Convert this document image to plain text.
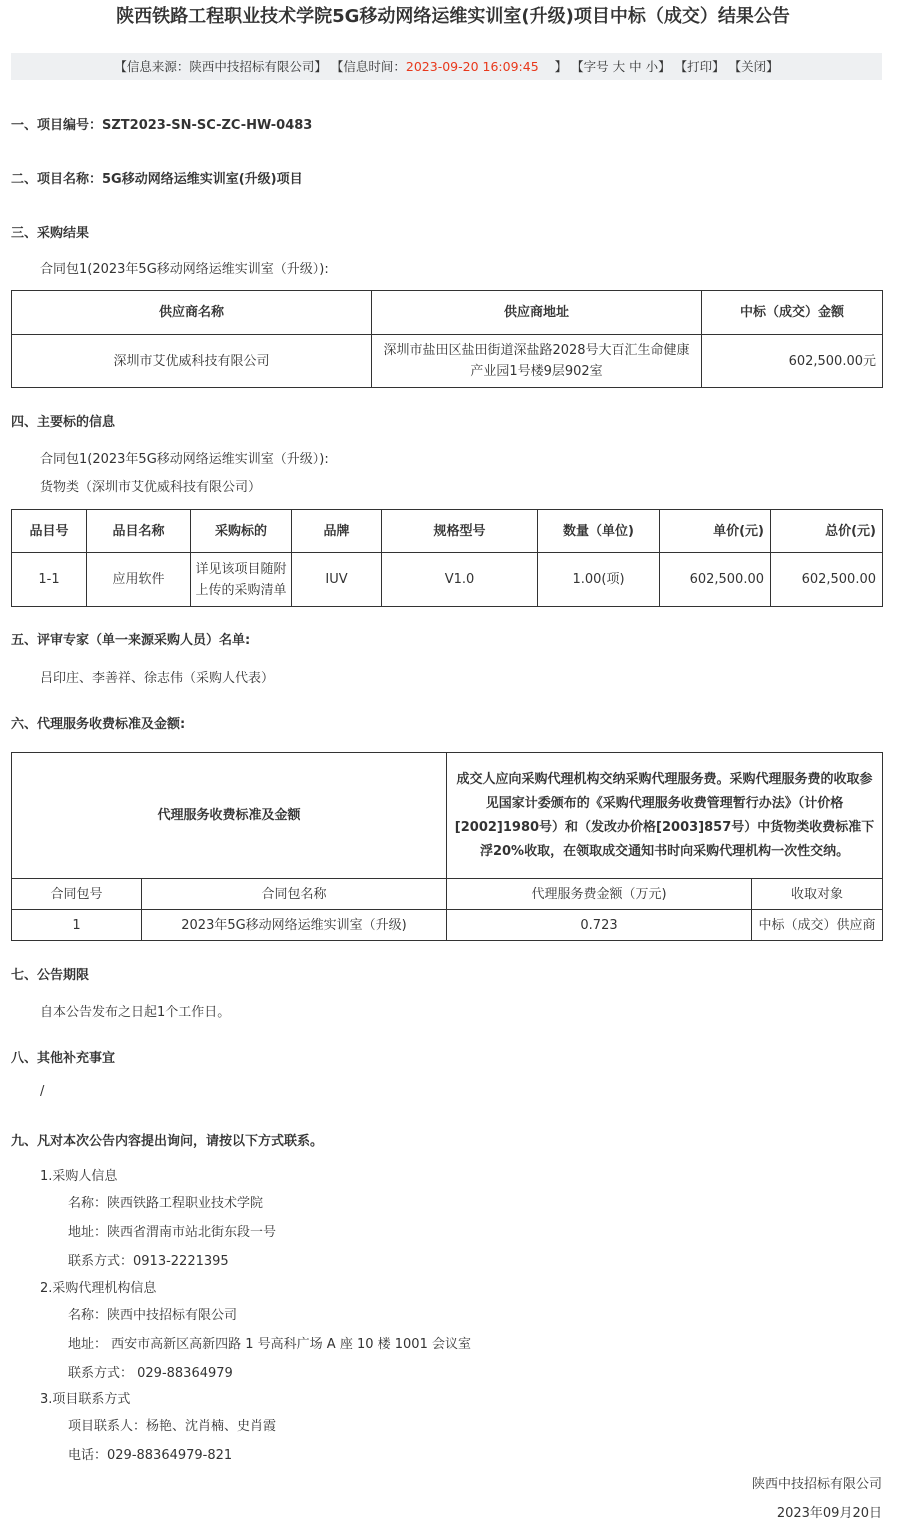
陕西铁路工程职业技术学院5G移动网络运维实训室(升级)项目中标（成交）结果公告
【信息来源：陕西中技招标有限公司】 【信息时间：2023-09-20 16:09:45 】 【字号 大 中 小】 【打印】 【关闭】
一、项目编号：SZT2023-SN-SC-ZC-HW-0483
二、项目名称：5G移动网络运维实训室(升级)项目
三、采购结果
合同包1(2023年5G移动网络运维实训室（升级）):
供应商名称	供应商地址	中标（成交）金额
深圳市艾优威科技有限公司	深圳市盐田区盐田街道深盐路2028号大百汇生命健康产业园1号楼9层902室	602,500.00元
四、主要标的信息
合同包1(2023年5G移动网络运维实训室（升级）):
货物类（深圳市艾优威科技有限公司）
品目号	品目名称	采购标的	品牌	规格型号	数量（单位)	单价(元)	总价(元)
1-1	应用软件	详见该项目随附上传的采购清单	IUV	V1.0	1.00(项)	602,500.00	602,500.00
五、评审专家（单一来源采购人员）名单:
吕印庄、李善祥、徐志伟（采购人代表）
六、代理服务收费标准及金额:
代理服务收费标准及金额		成交人应向采购代理机构交纳采购代理服务费。采购代理服务费的收取参见国家计委颁布的《采购代理服务收费管理暂行办法》（计价格[2002]1980号）和（发改办价格[2003]857号）中货物类收费标准下浮20%收取，在领取成交通知书时向采购代理机构一次性交纳。	
合同包号	合同包名称	代理服务费金额（万元)	收取对象
1	2023年5G移动网络运维实训室（升级)	0.723	中标（成交）供应商
七、公告期限
自本公告发布之日起1个工作日。
八、其他补充事宜
/
九、凡对本次公告内容提出询问，请按以下方式联系。
1.采购人信息
名称：陕西铁路工程职业技术学院
地址：陕西省渭南市站北街东段一号
联系方式：0913-2221395
2.采购代理机构信息
名称：陕西中技招标有限公司
地址： 西安市高新区高新四路 1 号高科广场 A 座 10 楼 1001 会议室
联系方式： 029-88364979
3.项目联系方式
项目联系人：杨艳、沈肖楠、史肖霞
电话：029-88364979-821
陕西中技招标有限公司
2023年09月20日
